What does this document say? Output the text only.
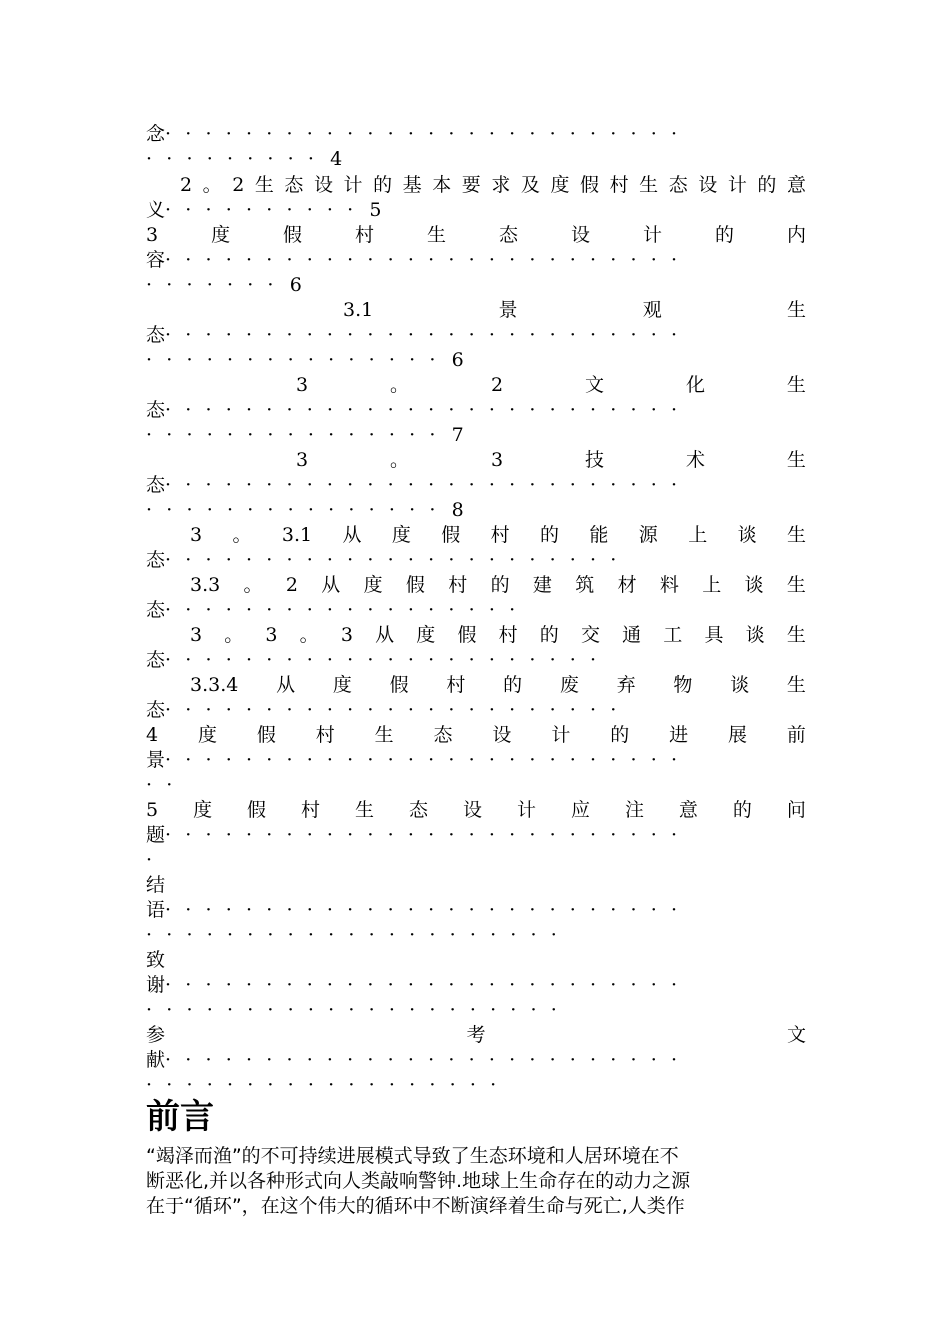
念··························
········· 4
2 。 2 生 态 设 计 的 基 本 要 求 及 度 假 村 生 态 设 计 的 意
义·········· 5
3	度	假	村	生	态	设	计	的	内
容··························
······· 6
3.1	景	观	生
态··························
··············· 6
3	。	2	文	化	生
态··························
··············· 7
3	。	3	技	术	生
态··························
··············· 8
3 。 3.1 从 度 假 村 的 能 源 上 谈 生
态·······················
3.3 。 2 从 度 假 村 的 建 筑 材 料 上 谈 生
态··················
3 。 3 。 3 从 度 假 村 的 交 通 工 具 谈 生
态······················
3.3.4 从 度 假 村 的 废 弃 物 谈 生
态·······················
4 度 假 村 生 态 设 计 的 进 展 前
景··························
··
5 度 假 村 生 态 设 计 应 注 意 的 问
题··························
·
结
语··························
·····················
致
谢··························
·····················
参	考	文
献··························
··················
前言
“竭泽而渔”的不可持续进展模式导致了生态环境和人居环境在不
断恶化,并以各种形式向人类敲响警钟.地球上生命存在的动力之源
在于“循环”，在这个伟大的循环中不断演绎着生命与死亡,人类作
